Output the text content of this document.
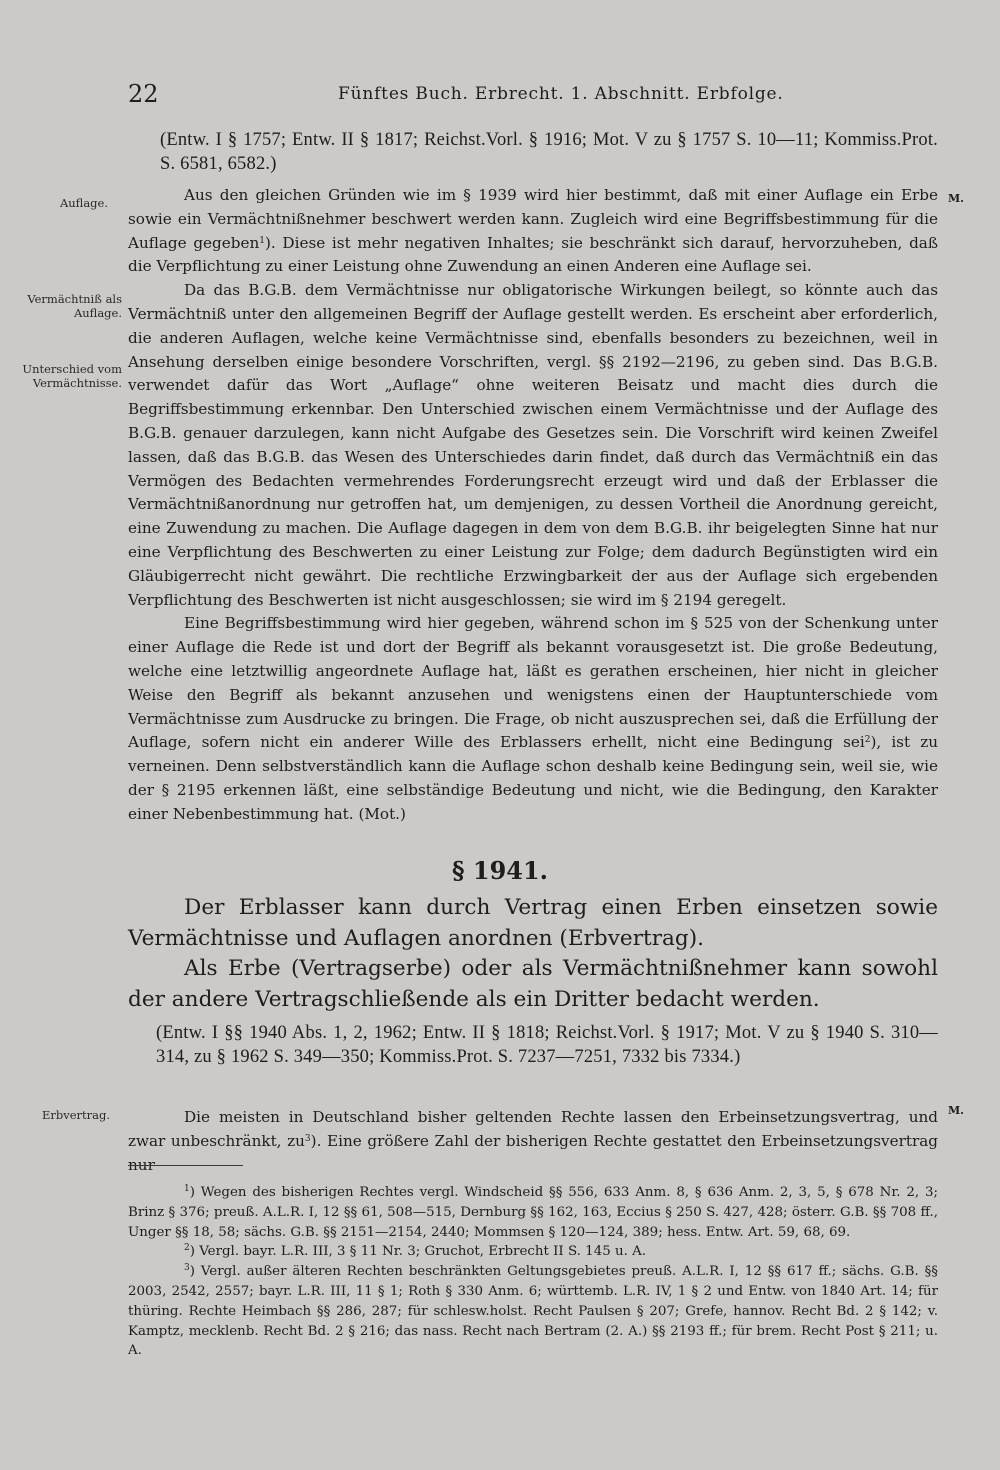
22	Fünftes Buch. Erbrecht. 1. Abschnitt. Erbfolge.
(Entw. I § 1757; Entw. II § 1817; Reichst.Vorl. § 1916; Mot. V zu § 1757 S. 10—11; Kommiss.Prot. S. 6581, 6582.)
Auflage.
Vermächtniß als Auflage.
Unterschied vom Vermächtnisse.
Erbvertrag.
M.
M.

Aus den gleichen Gründen wie im § 1939 wird hier bestimmt, daß mit einer Auflage ein Erbe sowie ein Vermächtnißnehmer beschwert werden kann. Zugleich wird eine Begriffsbestimmung für die Auflage gegeben$^1$). Diese ist mehr negativen Inhaltes; sie beschränkt sich darauf, hervorzuheben, daß die Verpflichtung zu einer Leistung ohne Zuwendung an einen Anderen eine Auflage sei.

Da das B.G.B. dem Vermächtnisse nur obligatorische Wirkungen beilegt, so könnte auch das Vermächtniß unter den allgemeinen Begriff der Auflage gestellt werden. Es erscheint aber erforderlich, die anderen Auflagen, welche keine Vermächtnisse sind, ebenfalls besonders zu bezeichnen, weil in Ansehung derselben einige besondere Vorschriften, vergl. §§ 2192—2196, zu geben sind. Das B.G.B. verwendet dafür das Wort „Auflage“ ohne weiteren Beisatz und macht dies durch die Begriffsbestimmung erkennbar. Den Unterschied zwischen einem Vermächtnisse und der Auflage des B.G.B. genauer darzulegen, kann nicht Aufgabe des Gesetzes sein. Die Vorschrift wird keinen Zweifel lassen, daß das B.G.B. das Wesen des Unterschiedes darin findet, daß durch das Vermächtniß ein das Vermögen des Bedachten vermehrendes Forderungsrecht erzeugt wird und daß der Erblasser die Vermächtnißanordnung nur getroffen hat, um demjenigen, zu dessen Vortheil die Anordnung gereicht, eine Zuwendung zu machen. Die Auflage dagegen in dem von dem B.G.B. ihr beigelegten Sinne hat nur eine Verpflichtung des Beschwerten zu einer Leistung zur Folge; dem dadurch Begünstigten wird ein Gläubigerrecht nicht gewährt. Die rechtliche Erzwingbarkeit der aus der Auflage sich ergebenden Verpflichtung des Beschwerten ist nicht ausgeschlossen; sie wird im § 2194 geregelt.

Eine Begriffsbestimmung wird hier gegeben, während schon im § 525 von der Schenkung unter einer Auflage die Rede ist und dort der Begriff als bekannt vorausgesetzt ist. Die große Bedeutung, welche eine letztwillig angeordnete Auflage hat, läßt es gerathen erscheinen, hier nicht in gleicher Weise den Begriff als bekannt anzusehen und wenigstens einen der Hauptunterschiede vom Vermächtnisse zum Ausdrucke zu bringen. Die Frage, ob nicht auszusprechen sei, daß die Erfüllung der Auflage, sofern nicht ein anderer Wille des Erblassers erhellt, nicht eine Bedingung sei$^2$), ist zu verneinen. Denn selbstverständlich kann die Auflage schon deshalb keine Bedingung sein, weil sie, wie der § 2195 erkennen läßt, eine selbständige Bedeutung und nicht, wie die Bedingung, den Karakter einer Nebenbestimmung hat. (Mot.)

§ 1941.

Der Erblasser kann durch Vertrag einen Erben einsetzen sowie Vermächtnisse und Auflagen anordnen (Erbvertrag).

Als Erbe (Vertragserbe) oder als Vermächtnißnehmer kann sowohl der andere Vertragschließende als ein Dritter bedacht werden.

(Entw. I §§ 1940 Abs. 1, 2, 1962; Entw. II § 1818; Reichst.Vorl. § 1917; Mot. V zu § 1940 S. 310—314, zu § 1962 S. 349—350; Kommiss.Prot. S. 7237—7251, 7332 bis 7334.)

Die meisten in Deutschland bisher geltenden Rechte lassen den Erbeinsetzungsvertrag, und zwar unbeschränkt, $zu^3$). Eine größere Zahl der bisherigen Rechte gestattet den Erbeinsetzungsvertrag nur

$^1$) Wegen des bisherigen Rechtes vergl. Windscheid §§ 556, 633 Anm. 8, § 636 Anm. 2, 3, 5, § 678 Nr. 2, 3; Brinz § 376; preuß. A.L.R. I, 12 §§ 61, 508—515, Dernburg §§ 162, 163, Eccius § 250 S. 427, 428; österr. G.B. §§ 708 ff., Unger §§ 18, 58; sächs. G.B. §§ 2151—2154, 2440; Mommsen § 120—124, 389; hess. Entw. Art. 59, 68, 69.

$^2$) Vergl. bayr. L.R. III, 3 § 11 Nr. 3; Gruchot, Erbrecht II S. 145 u. A.

$^3$) Vergl. außer älteren Rechten beschränkten Geltungsgebietes preuß. A.L.R. I, 12 §§ 617 ff.; sächs. G.B. §§ 2003, 2542, 2557; bayr. L.R. III, 11 § 1; Roth § 330 Anm. 6; württemb. L.R. IV, 1 § 2 und Entw. von 1840 Art. 14; für thüring. Rechte Heimbach §§ 286, 287; für schlesw.holst. Recht Paulsen § 207; Grefe, hannov. Recht Bd. 2 § 142; v. Kamptz, mecklenb. Recht Bd. 2 § 216; das nass. Recht nach Bertram (2. A.) §§ 2193 ff.; für brem. Recht Post § 211; u. A.
